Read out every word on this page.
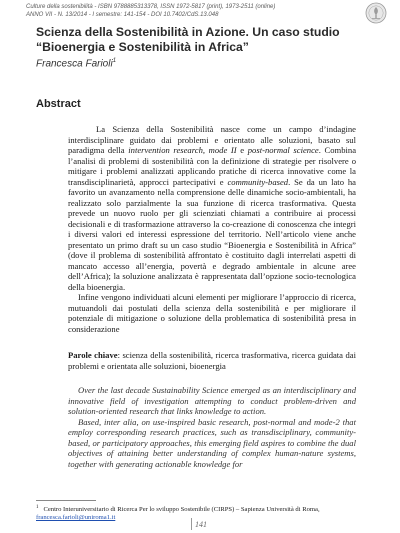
Culture della sostenibilità - ISBN 9788885313378, ISSN 1972-5817 (print), 1973-2511 (online)
ANNO VII - N. 13/2014 - I semestre: 141-154 - DOI 10.7402/CdS.13.048
Scienza della Sostenibilità in Azione. Un caso studio “Bioenergia e Sostenibilità in Africa”
Francesca Farioli$^1$
Abstract

La Scienza della Sostenibilità nasce come un campo d’indagine interdisciplinare guidato dai problemi e orientato alle soluzioni, basato sul paradigma della intervention research, mode II e post-normal science. Combina l’analisi di problemi di sostenibilità con la definizione di strategie per risolvere o mitigare i problemi analizzati applicando pratiche di ricerca innovative come la transdisciplinarietà, approcci partecipativi e community-based. Se da un lato ha favorito un avanzamento nella comprensione delle dinamiche socio-ambientali, ha realizzato solo parzialmente la sua funzione di ricerca trasformativa. Questa prevede un nuovo ruolo per gli scienziati chiamati a contribuire ai processi decisionali e di trasformazione attraverso la co-creazione di conoscenza che integri i diversi valori ed interessi espressione del territorio. Nell’articolo viene anche presentato un primo draft su un caso studio “Bioenergia e Sostenibilità in Africa” (dove il problema di sostenibilità affrontato è costituito dagli interrelati aspetti di mancato accesso all’energia, povertà e degrado ambientale in alcune aree dell’Africa); la soluzione analizzata è rappresentata dall’opzione socio-tecnologica della bioenergia.

Infine vengono individuati alcuni elementi per migliorare l’approccio di ricerca, mutuandoli dai postulati della scienza della sostenibilità e per migliorare il potenziale di mitigazione o soluzione della problematica di sostenibilità presa in considerazione

Parole chiave: scienza della sostenibilità, ricerca trasformativa, ricerca guidata dai problemi e orientata alle soluzioni, bioenergia

Over the last decade Sustainability Science emerged as an interdisciplinary and innovative field of investigation attempting to conduct problem-driven and solution-oriented research that links knowledge to action.

Based, inter alia, on use-inspired basic research, post-normal and mode-2 that employ corresponding research practices, such as transdisciplinary, community-based, or participatory approaches, this emerging field aspires to combine the dual objectives of attaining better understanding of complex human-nature systems, together with generating actionable knowledge for

$^1$ Centro Interuniversitario di Ricerca Per lo sviluppo Sostenibile (CIRPS) – Sapienza Università di Roma, francesca.farioli@uniroma1.it
141
